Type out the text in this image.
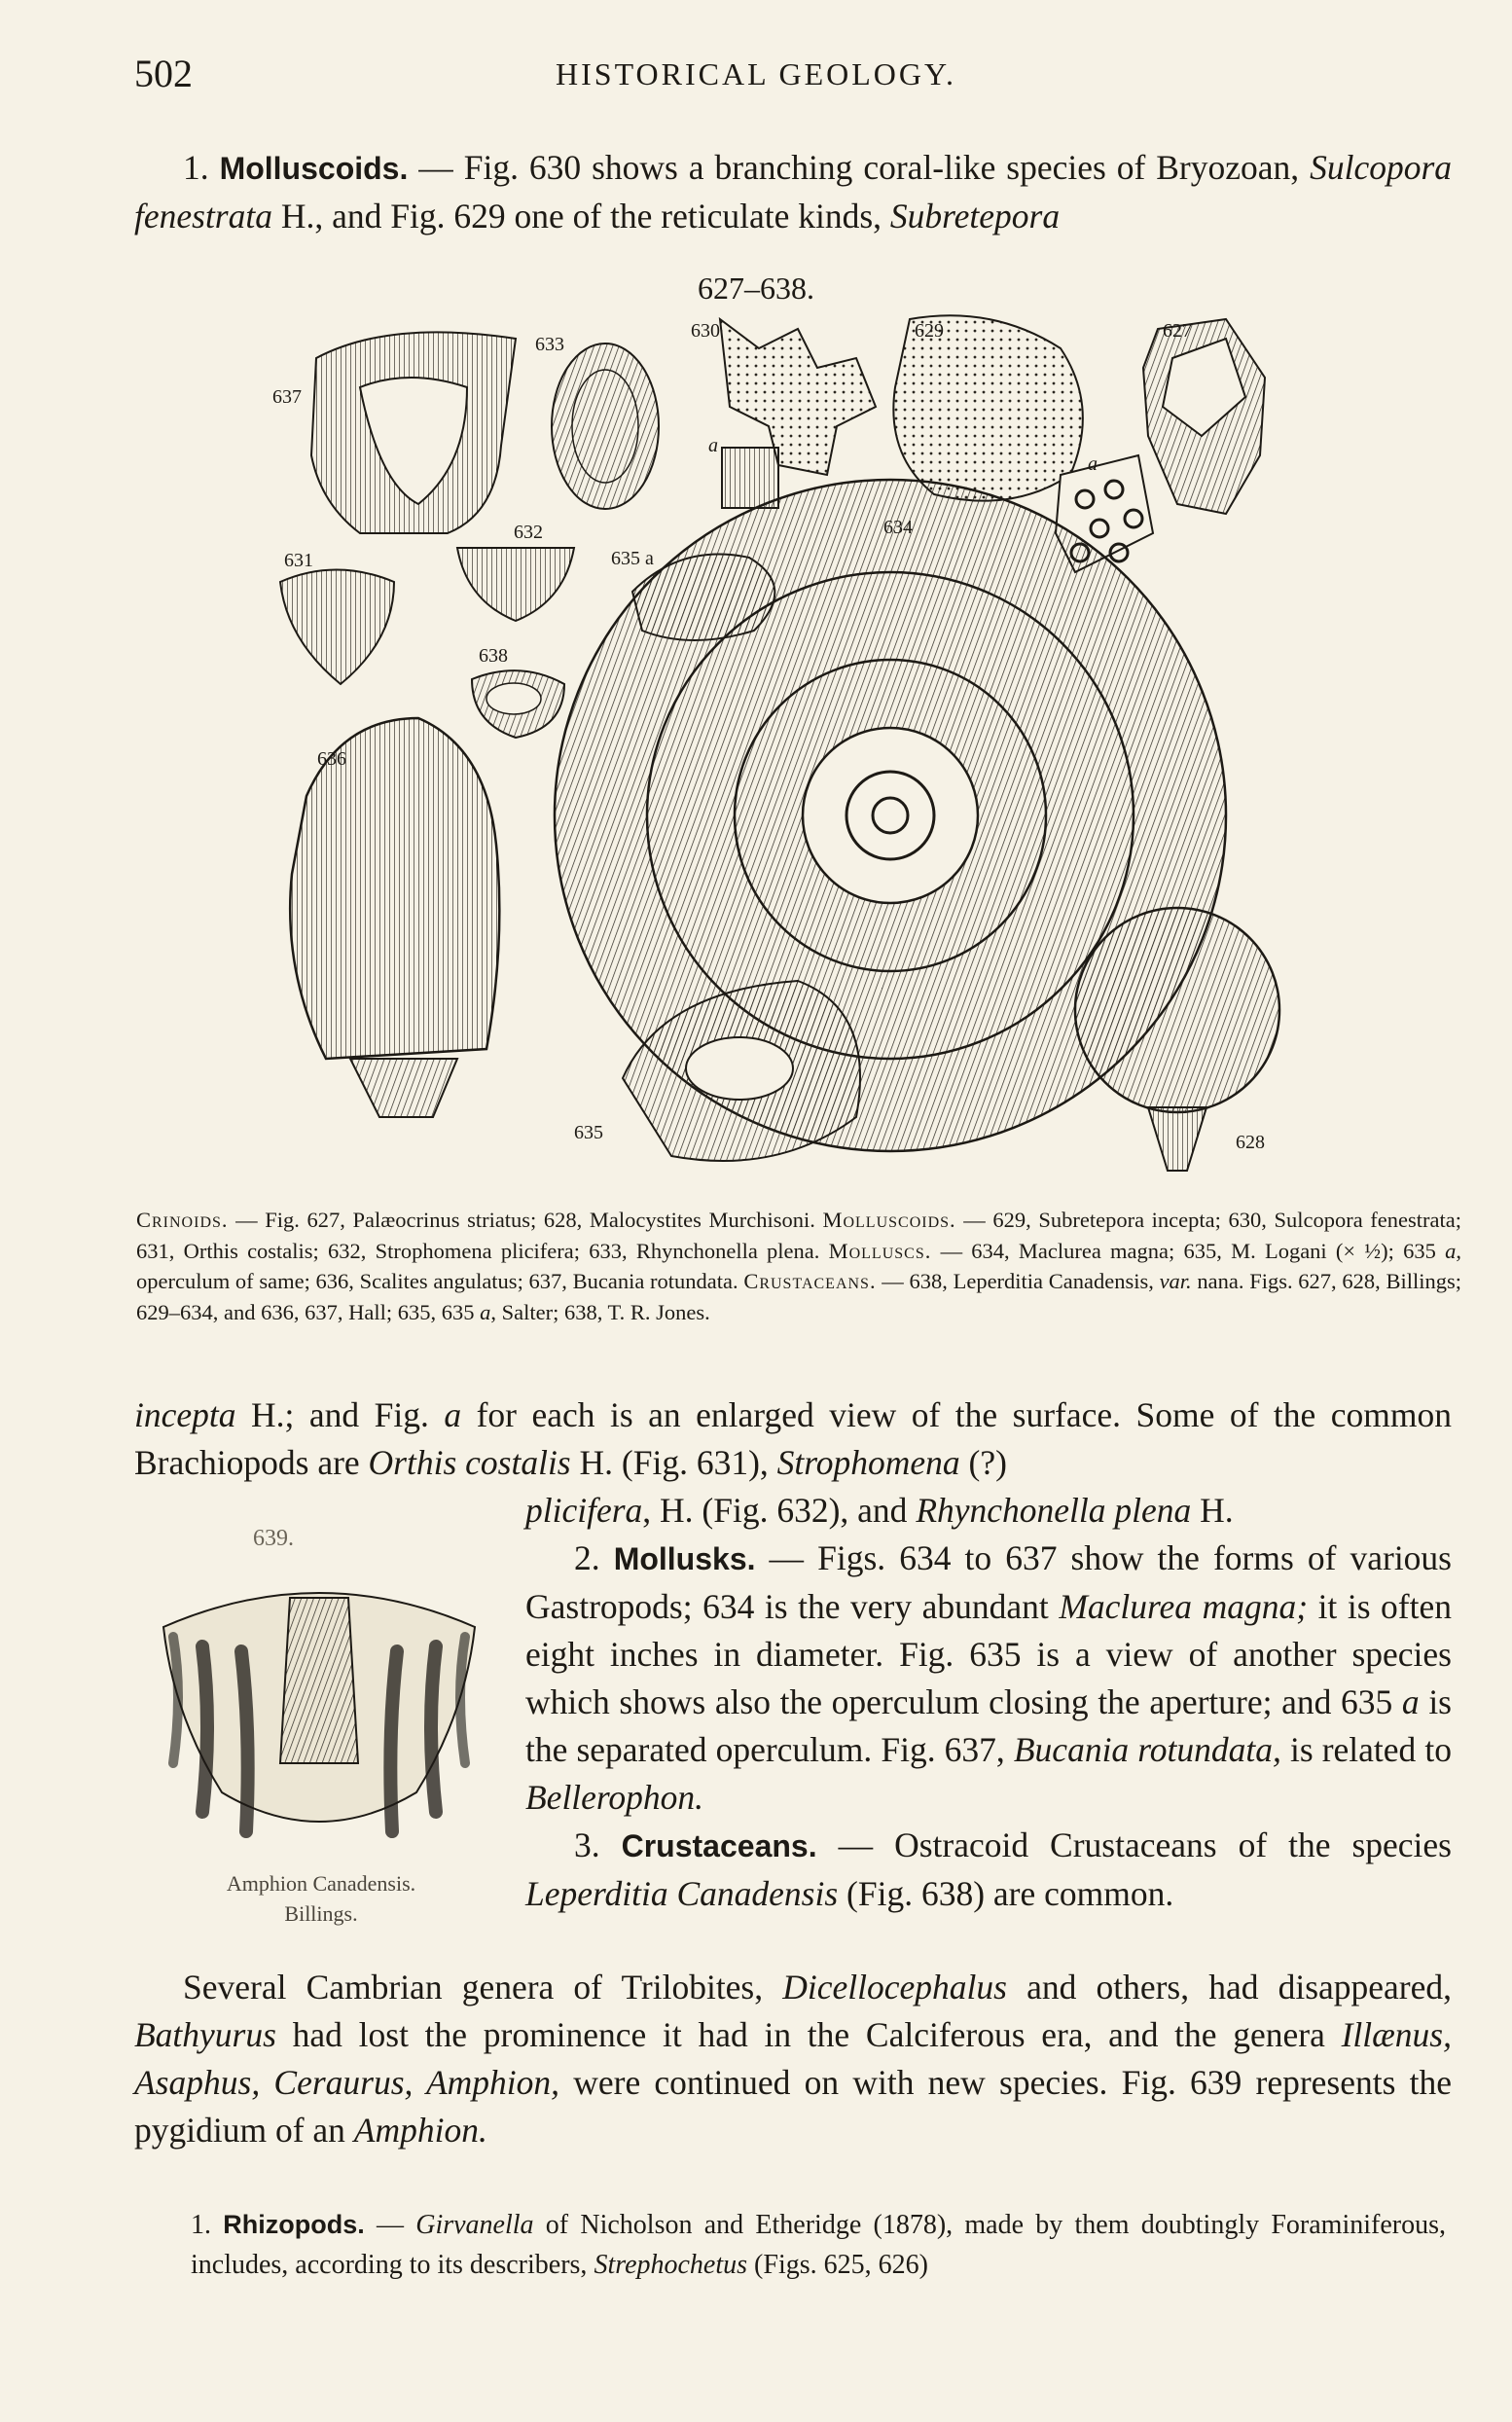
502	HISTORICAL GEOLOGY.

1. Molluscoids. — Fig. 630 shows a branching coral-like species of Bryozoan, Sulcopora fenestrata H., and Fig. 629 one of the reticulate kinds, Subretepora

627–638.
637
633
630	629	627
a
a
634
632
635 a
631
638
636
635	628
Crinoids. — Fig. 627, Palæocrinus striatus; 628, Malocystites Murchisoni. Molluscoids. — 629, Subretepora incepta; 630, Sulcopora fenestrata; 631, Orthis costalis; 632, Strophomena plicifera; 633, Rhynchonella plena. Molluscs. — 634, Maclurea magna; 635, M. Logani (× ½); 635 a, operculum of same; 636, Scalites angulatus; 637, Bucania rotundata. Crustaceans. — 638, Leperditia Canadensis, var. nana. Figs. 627, 628, Billings; 629–634, and 636, 637, Hall; 635, 635 a, Salter; 638, T. R. Jones.

incepta H.; and Fig. a for each is an enlarged view of the surface. Some of the common Brachiopods are Orthis costalis H. (Fig. 631), Strophomena (?)

plicifera, H. (Fig. 632), and Rhynchonella plena H.

2. Mollusks. — Figs. 634 to 637 show the forms of various Gastropods; 634 is the very abundant Maclurea magna; it is often eight inches in diameter. Fig. 635 is a view of another species which shows also the operculum closing the aperture; and 635 a is the separated operculum. Fig. 637, Bucania rotundata, is related to Bellerophon.

3. Crustaceans. — Ostracoid Crustaceans of the species Leperditia Canadensis (Fig. 638) are common.

Several Cambrian genera of Trilobites, Dicellocephalus and others, had disappeared, Bathyurus had lost the prominence it had in the Calciferous era, and the genera Illænus, Asaphus, Ceraurus, Amphion, were continued on with new species. Fig. 639 represents the pygidium of an Amphion.

639.
Amphion Canadensis.
Billings.

1. Rhizopods. — Girvanella of Nicholson and Etheridge (1878), made by them doubtingly Foraminiferous, includes, according to its describers, Strephochetus (Figs. 625, 626)
